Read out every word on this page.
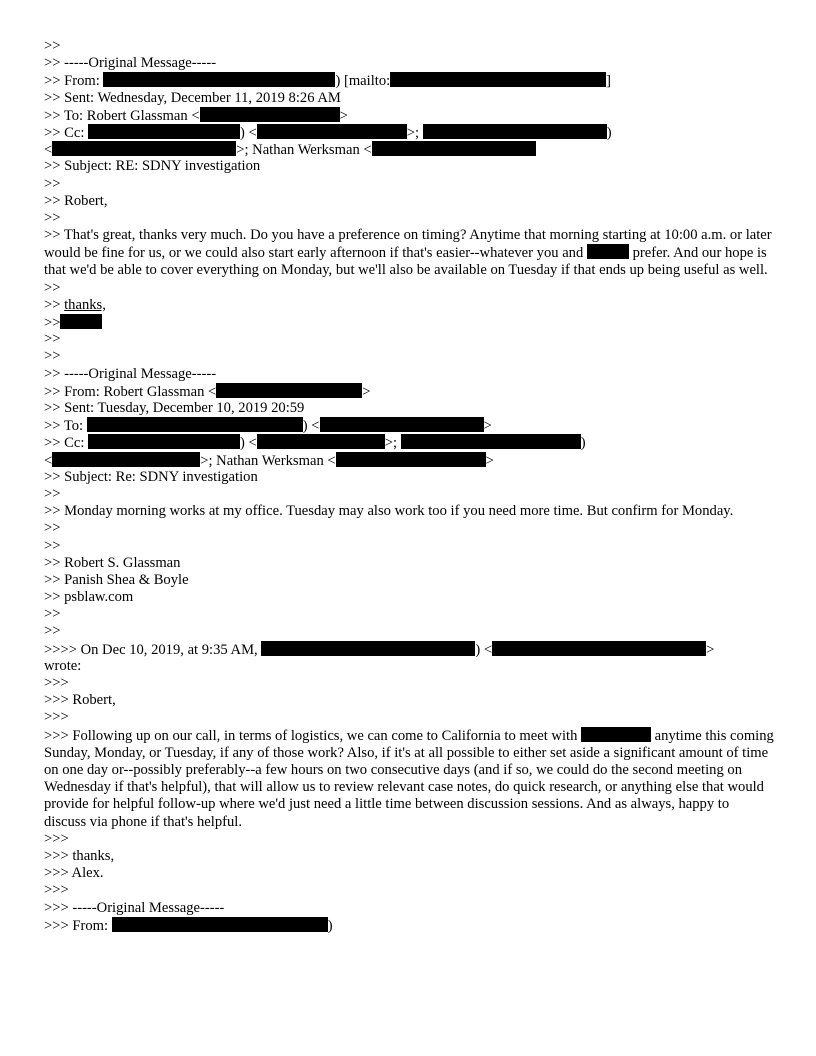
>>
>> -----Original Message-----
>> From:	) [mailto:	]
>> Sent: Wednesday, December 11, 2019 8:26 AM
>> To: Robert Glassman <	>
>> Cc:	) <	>;	)
<	>; Nathan Werksman <
>> Subject: RE: SDNY investigation
>>
>> Robert,
>>
>> That's great, thanks very much. Do you have a preference on timing? Anytime that morning starting at 10:00 a.m. or later would be fine for us, or we could also start early afternoon if that's easier--whatever you and	prefer. And our hope is that we'd be able to cover everything on Monday, but we'll also be available on Tuesday if that ends up being useful as well.
>>
>> thanks,
>>
>>
>>
>> -----Original Message-----
>> From: Robert Glassman <	>
>> Sent: Tuesday, December 10, 2019 20:59
>> To:	) <	>
>> Cc:	) <	>;	)
<	>; Nathan Werksman <	>
>> Subject: Re: SDNY investigation
>>
>> Monday morning works at my office. Tuesday may also work too if you need more time. But confirm for Monday.
>>
>>
>> Robert S. Glassman
>> Panish Shea & Boyle
>> psblaw.com
>>
>>
>>>> On Dec 10, 2019, at 9:35 AM,	) <	>
wrote:
>>>
>>> Robert,
>>>
>>> Following up on our call, in terms of logistics, we can come to California to meet with	anytime this coming Sunday, Monday, or Tuesday, if any of those work? Also, if it's at all possible to either set aside a significant amount of time on one day or--possibly preferably--a few hours on two consecutive days (and if so, we could do the second meeting on Wednesday if that's helpful), that will allow us to review relevant case notes, do quick research, or anything else that would provide for helpful follow-up where we'd just need a little time between discussion sessions. And as always, happy to discuss via phone if that's helpful.
>>>
>>> thanks,
>>> Alex.
>>>
>>> -----Original Message-----
>>> From:	)
